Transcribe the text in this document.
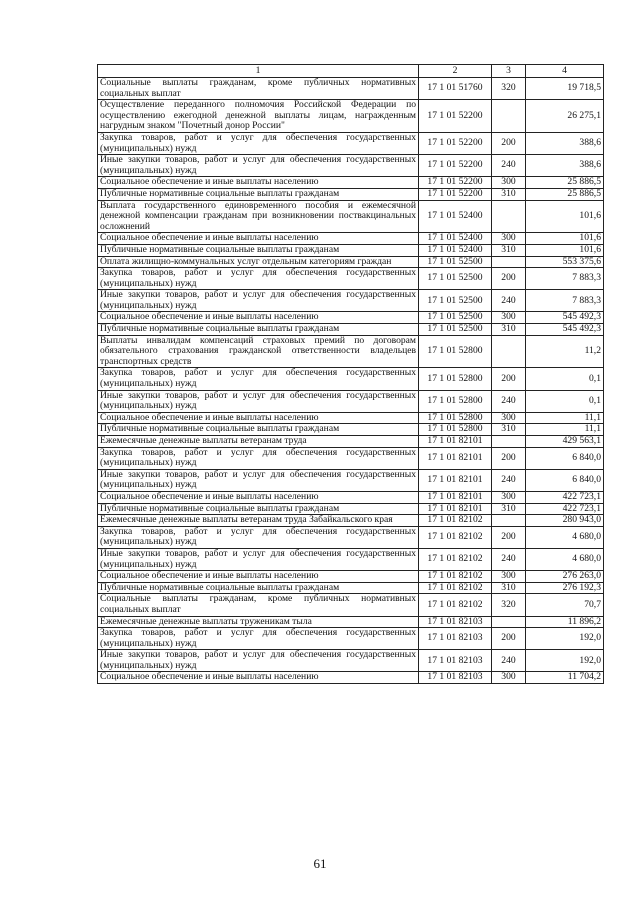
1	2	3	4
Социальные выплаты гражданам, кроме публичных нормативных социальных выплат	17 1 01 51760	320	19 718,5
Осуществление переданного полномочия Российской Федерации по осуществлению ежегодной денежной выплаты лицам, награжденным нагрудным знаком "Почетный донор России"	17 1 01 52200		26 275,1
Закупка товаров, работ и услуг для обеспечения государственных (муниципальных) нужд	17 1 01 52200	200	388,6
Иные закупки товаров, работ и услуг для обеспечения государственных (муниципальных) нужд	17 1 01 52200	240	388,6
Социальное обеспечение и иные выплаты населению	17 1 01 52200	300	25 886,5
Публичные нормативные социальные выплаты гражданам	17 1 01 52200	310	25 886,5
Выплата государственного единовременного пособия и ежемесячной денежной компенсации гражданам при возникновении поствакцинальных осложнений	17 1 01 52400		101,6
Социальное обеспечение и иные выплаты населению	17 1 01 52400	300	101,6
Публичные нормативные социальные выплаты гражданам	17 1 01 52400	310	101,6
Оплата жилищно-коммунальных услуг отдельным категориям граждан	17 1 01 52500		553 375,6
Закупка товаров, работ и услуг для обеспечения государственных (муниципальных) нужд	17 1 01 52500	200	7 883,3
Иные закупки товаров, работ и услуг для обеспечения государственных (муниципальных) нужд	17 1 01 52500	240	7 883,3
Социальное обеспечение и иные выплаты населению	17 1 01 52500	300	545 492,3
Публичные нормативные социальные выплаты гражданам	17 1 01 52500	310	545 492,3
Выплаты инвалидам компенсаций страховых премий по договорам обязательного страхования гражданской ответственности владельцев транспортных средств	17 1 01 52800		11,2
Закупка товаров, работ и услуг для обеспечения государственных (муниципальных) нужд	17 1 01 52800	200	0,1
Иные закупки товаров, работ и услуг для обеспечения государственных (муниципальных) нужд	17 1 01 52800	240	0,1
Социальное обеспечение и иные выплаты населению	17 1 01 52800	300	11,1
Публичные нормативные социальные выплаты гражданам	17 1 01 52800	310	11,1
Ежемесячные денежные выплаты ветеранам труда	17 1 01 82101		429 563,1
Закупка товаров, работ и услуг для обеспечения государственных (муниципальных) нужд	17 1 01 82101	200	6 840,0
Иные закупки товаров, работ и услуг для обеспечения государственных (муниципальных) нужд	17 1 01 82101	240	6 840,0
Социальное обеспечение и иные выплаты населению	17 1 01 82101	300	422 723,1
Публичные нормативные социальные выплаты гражданам	17 1 01 82101	310	422 723,1
Ежемесячные денежные выплаты ветеранам труда Забайкальского края	17 1 01 82102		280 943,0
Закупка товаров, работ и услуг для обеспечения государственных (муниципальных) нужд	17 1 01 82102	200	4 680,0
Иные закупки товаров, работ и услуг для обеспечения государственных (муниципальных) нужд	17 1 01 82102	240	4 680,0
Социальное обеспечение и иные выплаты населению	17 1 01 82102	300	276 263,0
Публичные нормативные социальные выплаты гражданам	17 1 01 82102	310	276 192,3
Социальные выплаты гражданам, кроме публичных нормативных социальных выплат	17 1 01 82102	320	70,7
Ежемесячные денежные выплаты труженикам тыла	17 1 01 82103		11 896,2
Закупка товаров, работ и услуг для обеспечения государственных (муниципальных) нужд	17 1 01 82103	200	192,0
Иные закупки товаров, работ и услуг для обеспечения государственных (муниципальных) нужд	17 1 01 82103	240	192,0
Социальное обеспечение и иные выплаты населению	17 1 01 82103	300	11 704,2
61
